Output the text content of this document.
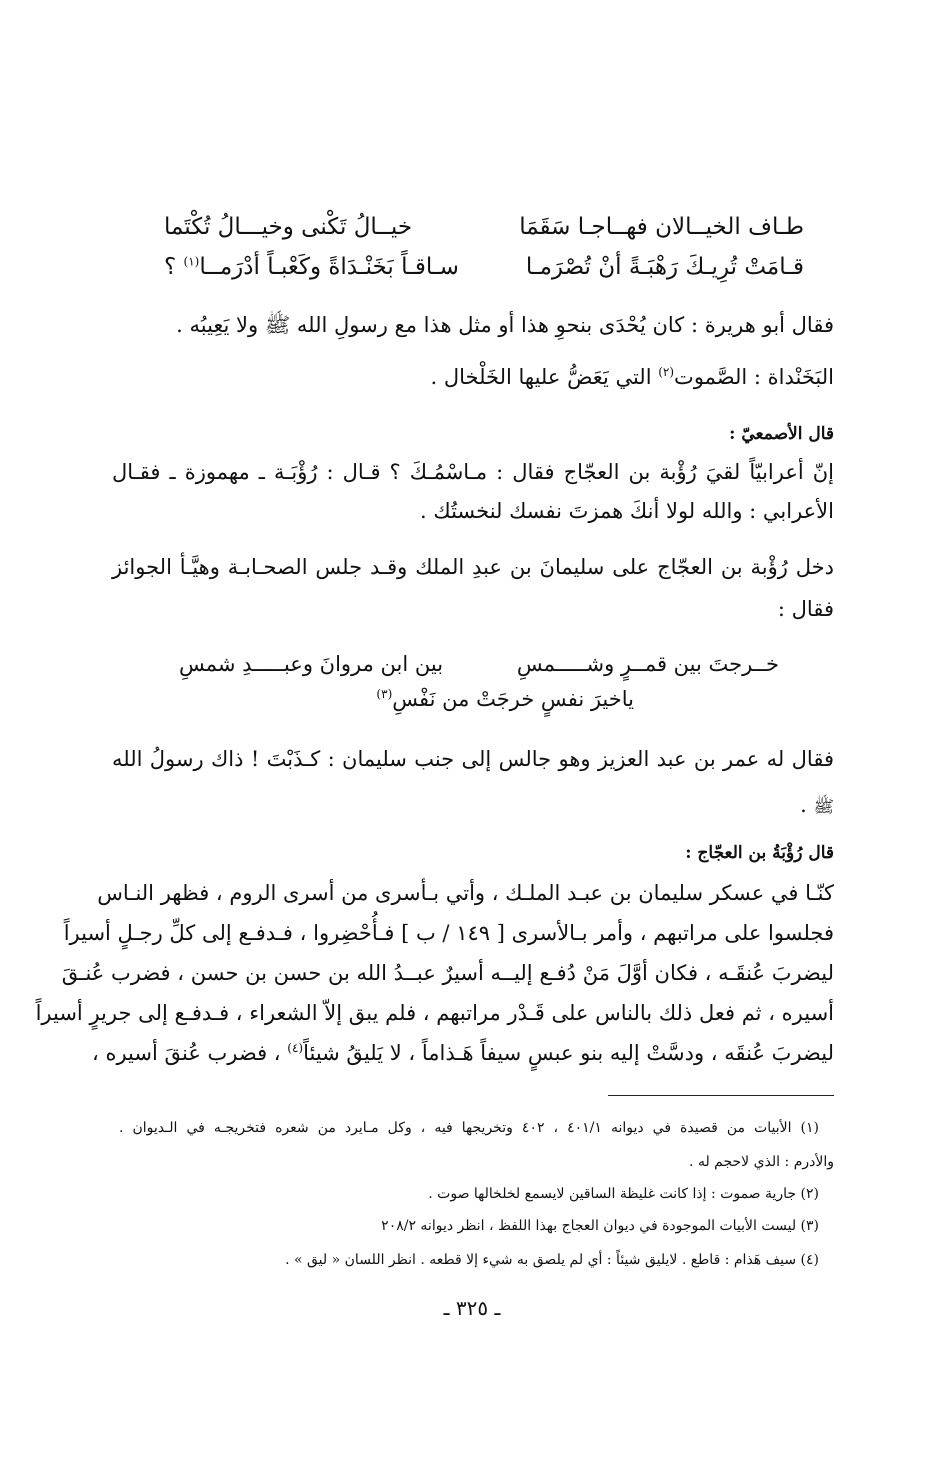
طـاف الخيــالان فهــاجـا سَقَمَا
خيــالُ تَكْنى وخيـــالُ تُكْتَما
قـامَتْ تُرِيـكَ رَهْبَـةً أنْ تُصْرَمـا
سـاقـاً بَخَنْـدَاةً وكَعْبـاً أدْرَمــا$^{(١)}$ ؟
فقال أبو هريرة : كان يُحْدَى بنحوِ هذا أو مثل هذا مع رسولِ الله ﷺ ولا يَعِيبُه .
البَخَنْداة : الصَّموت$^{(٢)}$ التي يَعَضُّ عليها الخَلْخال .
قال الأصمعيّ :
إنّ أعرابيّاً لقيَ رُؤْبة بن العجّاج فقال : مـاسْمُـكَ ؟ قـال : رُؤْبَـة ـ مهموزة ـ فقـال
الأعرابي : والله لولا أنكَ همزتَ نفسك لنخستُك .
دخل رُؤْبة بن العجّاج على سليمانَ بن عبدِ الملك وقـد جلس الصحـابـة وهيَّـأ الجوائز
فقال :
خــرجتَ بين قمــرٍ وشـــــمسِ
بين ابن مروانَ وعبـــــدِ شمسِ
ياخيرَ نفسٍ خرجَتْ من نَفْسِ$^{(٣)}$
فقال له عمر بن عبد العزيز وهو جالس إلى جنب سليمان : كـذَبْتَ ! ذاك رسولُ الله
ﷺ .
قال رُؤْبَةُ بن العجّاج :
كنّـا في عسكر سليمان بن عبـد الملـك ، وأتي بـأسرى من أسرى الروم ، فظهر النـاس
فجلسوا على مراتبهم ، وأمر بـالأسرى [ ١٤٩ / ب ] فـأُحْضِروا ، فـدفـع إلى كلِّ رجـلٍ أسيراً
ليضربَ عُنقَـه ، فكان أوَّلَ مَنْ دُفـع إليــه أسيرٌ عبــدُ الله بن حسن بن حسن ، فضرب عُنـقَ
أسيره ، ثم فعل ذلك بالناس على قَـدْر مراتبهم ، فلم يبق إلاّ الشعراء ، فـدفـع إلى جريرٍ أسيراً
ليضربَ عُنقَه ، ودسَّتْ إليه بنو عبسٍ سيفاً هَـذاماً ، لا يَليقُ شيئاً$^{(٤)}$ ، فضرب عُنقَ أسيره ،
(١) الأبيات من قصيدة في ديوانه ٤٠١/١ ، ٤٠٢ وتخريجها فيه ، وكل مـايرد من شعره فتخريجـه في الـديوان .
والأدرم : الذي لاحجم له .
(٢) جارية صموت : إذا كانت غليظة الساقين لايسمع لخلخالها صوت .
(٣) ليست الأبيات الموجودة في ديوان العجاج بهذا اللفظ ، انظر ديوانه ٢٠٨/٢
(٤) سيف هَذام : قاطع . لايليق شيئاً : أي لم يلصق به شيء إلا قطعه . انظر اللسان « ليق » .
ـ ٣٢٥ ـ
